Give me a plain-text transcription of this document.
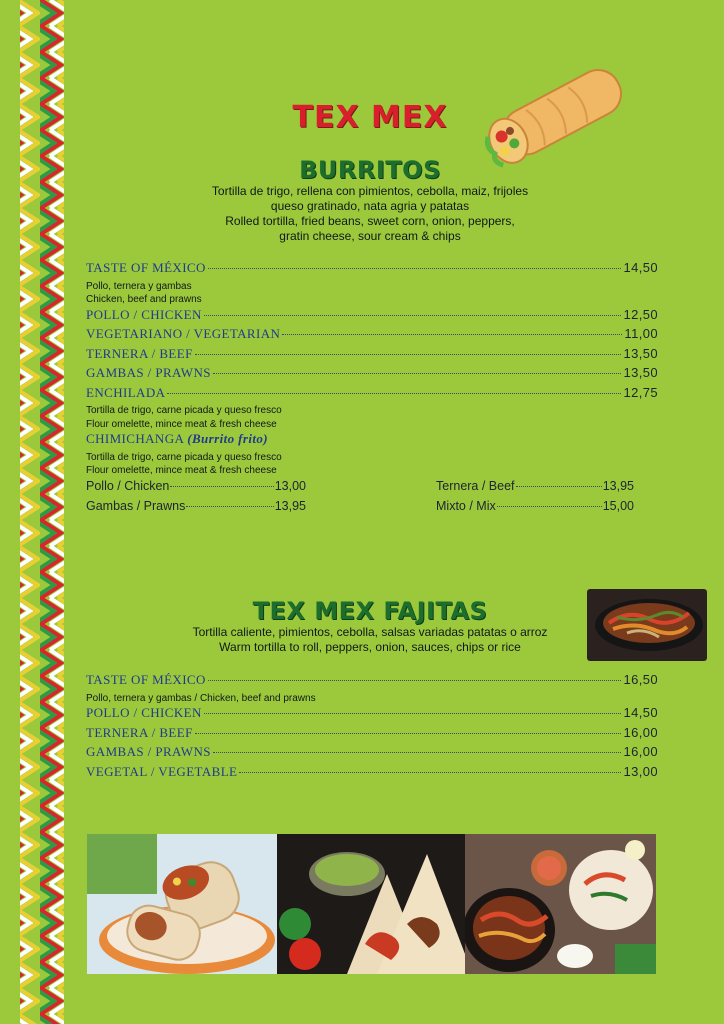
TEX MEX
BURRITOS
Tortilla de trigo, rellena con pimientos, cebolla, maiz, frijoles
queso gratinado, nata agria y patatas
Rolled tortilla, fried beans, sweet corn, onion, peppers,
gratin cheese, sour cream & chips
TASTE OF MÉXICO	14,50
Pollo, ternera y gambas
Chicken, beef and prawns
POLLO / CHICKEN	12,50
VEGETARIANO / VEGETARIAN	11,00
TERNERA / BEEF	13,50
GAMBAS / PRAWNS	13,50
ENCHILADA	12,75
Tortilla de trigo, carne picada y queso fresco
Flour omelette, mince meat & fresh cheese
CHIMICHANGA (Burrito frito)
Tortilla de trigo, carne picada y queso fresco
Flour omelette, mince meat & fresh cheese
Pollo / Chicken	13,00	Ternera / Beef	13,95
Gambas / Prawns	13,95	Mixto / Mix	15,00
TEX MEX FAJITAS
Tortilla caliente, pimientos, cebolla, salsas variadas patatas o arroz
Warm tortilla to roll, peppers, onion, sauces, chips or rice
TASTE OF MÉXICO	16,50
Pollo, ternera y gambas / Chicken, beef and prawns
POLLO / CHICKEN	14,50
TERNERA / BEEF	16,00
GAMBAS / PRAWNS	16,00
VEGETAL / VEGETABLE	13,00
